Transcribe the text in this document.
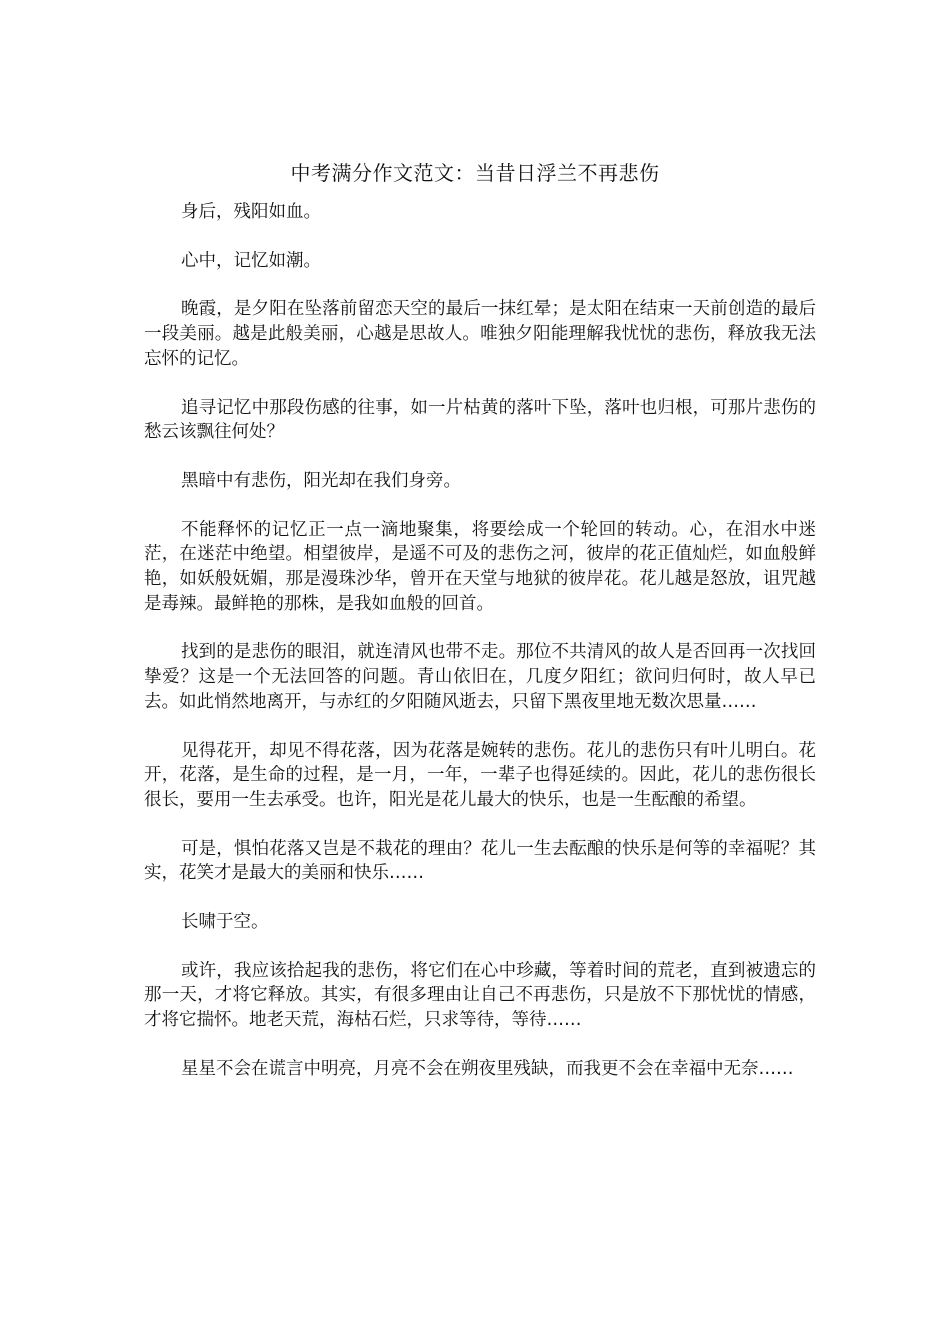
中考满分作文范文：当昔日浮兰不再悲伤

身后，残阳如血。

心中，记忆如潮。

晚霞，是夕阳在坠落前留恋天空的最后一抹红晕；是太阳在结束一天前创造的最后一段美丽。越是此般美丽，心越是思故人。唯独夕阳能理解我忧忧的悲伤，释放我无法忘怀的记忆。

追寻记忆中那段伤感的往事，如一片枯黄的落叶下坠，落叶也归根，可那片悲伤的愁云该飘往何处？

黑暗中有悲伤，阳光却在我们身旁。

不能释怀的记忆正一点一滴地聚集，将要绘成一个轮回的转动。心，在泪水中迷茫，在迷茫中绝望。相望彼岸，是遥不可及的悲伤之河，彼岸的花正值灿烂，如血般鲜艳，如妖般妩媚，那是漫珠沙华，曾开在天堂与地狱的彼岸花。花儿越是怒放，诅咒越是毒辣。最鲜艳的那株，是我如血般的回首。

找到的是悲伤的眼泪，就连清风也带不走。那位不共清风的故人是否回再一次找回挚爱？这是一个无法回答的问题。青山依旧在，几度夕阳红；欲问归何时，故人早已去。如此悄然地离开，与赤红的夕阳随风逝去，只留下黑夜里地无数次思量……

见得花开，却见不得花落，因为花落是婉转的悲伤。花儿的悲伤只有叶儿明白。花开，花落，是生命的过程，是一月，一年，一辈子也得延续的。因此，花儿的悲伤很长很长，要用一生去承受。也许，阳光是花儿最大的快乐，也是一生酝酿的希望。

可是，惧怕花落又岂是不栽花的理由？花儿一生去酝酿的快乐是何等的幸福呢？其实，花笑才是最大的美丽和快乐……

长啸于空。

或许，我应该拾起我的悲伤，将它们在心中珍藏，等着时间的荒老，直到被遗忘的那一天，才将它释放。其实，有很多理由让自己不再悲伤，只是放不下那忧忧的情感，才将它揣怀。地老天荒，海枯石烂，只求等待，等待……

星星不会在谎言中明亮，月亮不会在朔夜里残缺，而我更不会在幸福中无奈……
